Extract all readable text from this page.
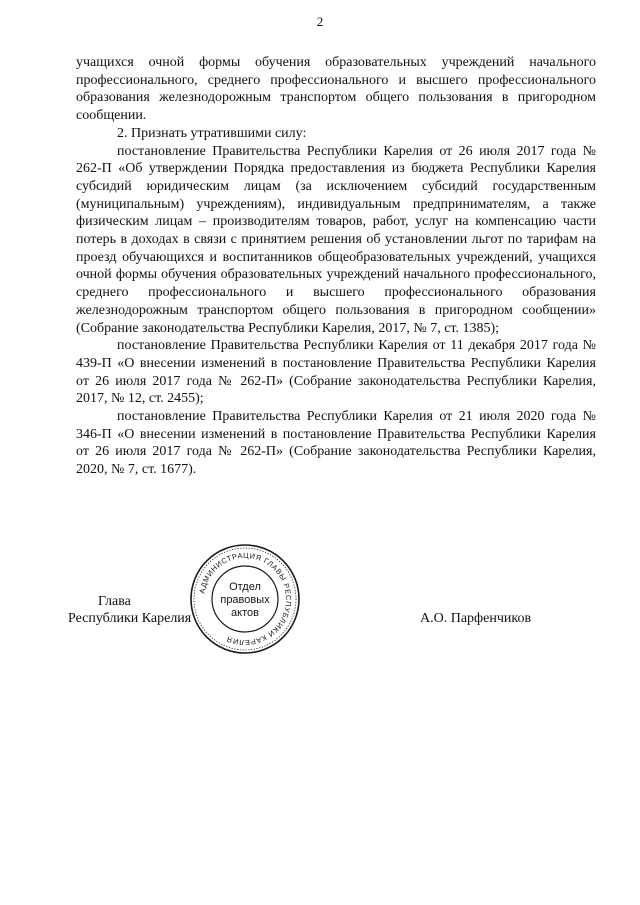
2

учащихся очной формы обучения образовательных учреждений начального профессионального, среднего профессионального и высшего профессионального образования железнодорожным транспортом общего пользования в пригородном сообщении.

2. Признать утратившими силу:

постановление Правительства Республики Карелия от 26 июля 2017 года № 262-П «Об утверждении Порядка предоставления из бюджета Республики Карелия субсидий юридическим лицам (за исключением субсидий государственным (муниципальным) учреждениям), индивидуальным предпринимателям, а также физическим лицам – производителям товаров, работ, услуг на компенсацию части потерь в доходах в связи с принятием решения об установлении льгот по тарифам на проезд обучающихся и воспитанников общеобразовательных учреждений, учащихся очной формы обучения образовательных учреждений начального профессионального, среднего профессионального и высшего профессионального образования железнодорожным транспортом общего пользования в пригородном сообщении» (Собрание законодательства Республики Карелия, 2017, № 7, ст. 1385);

постановление Правительства Республики Карелия от 11 декабря 2017 года № 439-П «О внесении изменений в постановление Правительства Республики Карелия от 26 июля 2017 года № 262-П» (Собрание законодательства Республики Карелия, 2017, № 12, ст. 2455);

постановление Правительства Республики Карелия от 21 июля 2020 года № 346-П «О внесении изменений в постановление Правительства Республики Карелия от 26 июля 2017 года № 262-П» (Собрание законодательства Республики Карелия, 2020, № 7, ст. 1677).

Глава
Республики Карелия	А.О. Парфенчиков
АДМИНИСТРАЦИЯ ГЛАВЫ РЕСПУБЛИКИ КАРЕЛИЯ
Отдел
правовых
актов
